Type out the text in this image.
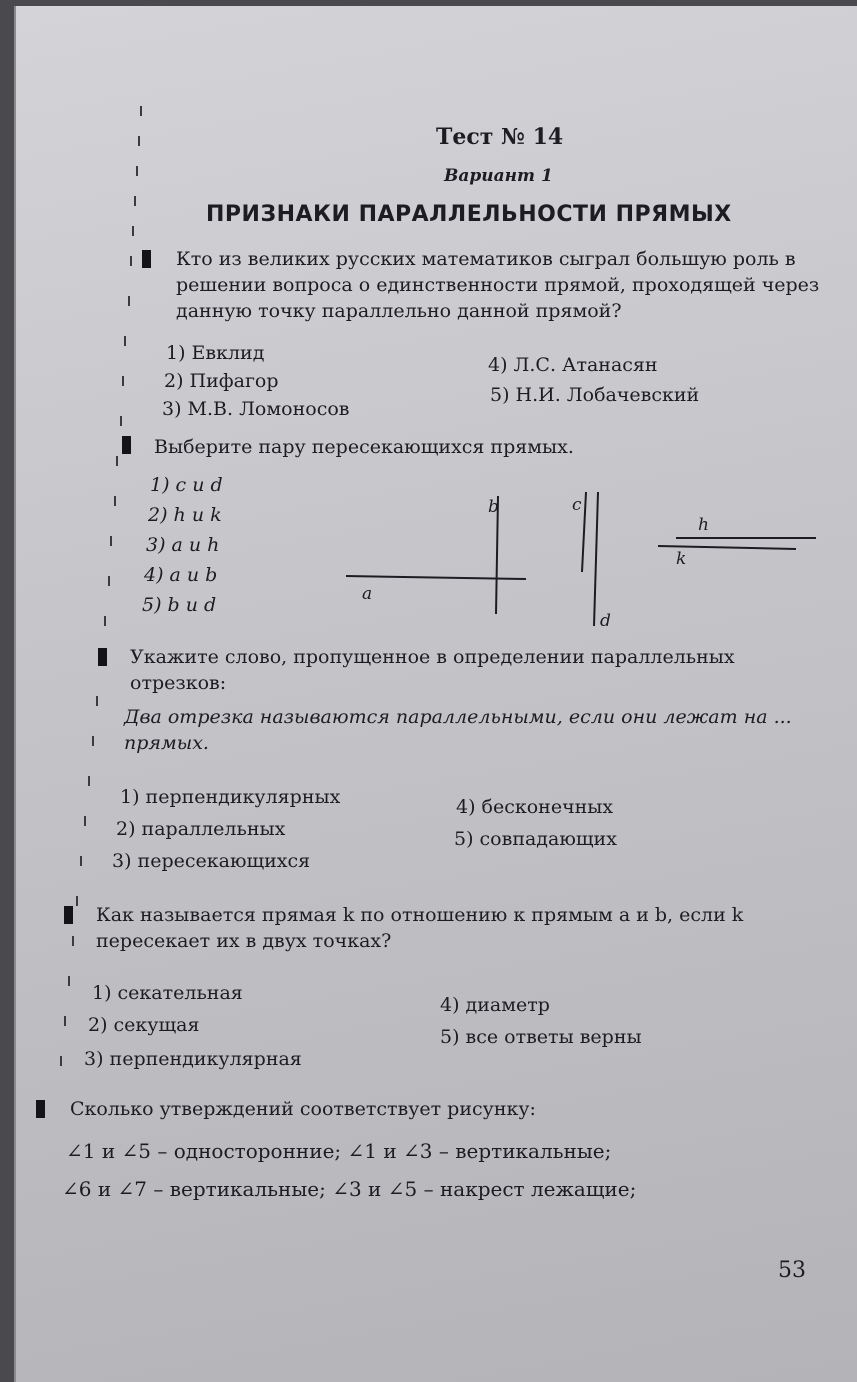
Тест № 14
Вариант 1
ПРИЗНАКИ ПАРАЛЛЕЛЬНОСТИ ПРЯМЫХ
Кто из великих русских математиков сыграл большую роль в решении вопроса о единственности прямой, проходящей через данную точку параллельно данной прямой?
1) Евклид
2) Пифагор
3) М.В. Ломоносов
4) Л.С. Атанасян
5) Н.И. Лобачевский
Выберите пару пересекающихся прямых.
1) c и d
2) h и k
3) a и h
4) a и b
5) b и d	a
b	c
d
h
k
Укажите слово, пропущенное в определении параллельных отрезков:
Два отрезка называются параллельными, если они лежат на ... прямых.
1) перпендикулярных
2) параллельных
3) пересекающихся
4) бесконечных
5) совпадающих
Как называется прямая k по отношению к прямым a и b, если k пересекает их в двух точках?
1) секательная
2) секущая
3) перпендикулярная
4) диаметр
5) все ответы верны
Сколько утверждений соответствует рисунку:
∠1 и ∠5 – односторонние; ∠1 и ∠3 – вертикальные;
∠6 и ∠7 – вертикальные; ∠3 и ∠5 – накрест лежащие;
53
